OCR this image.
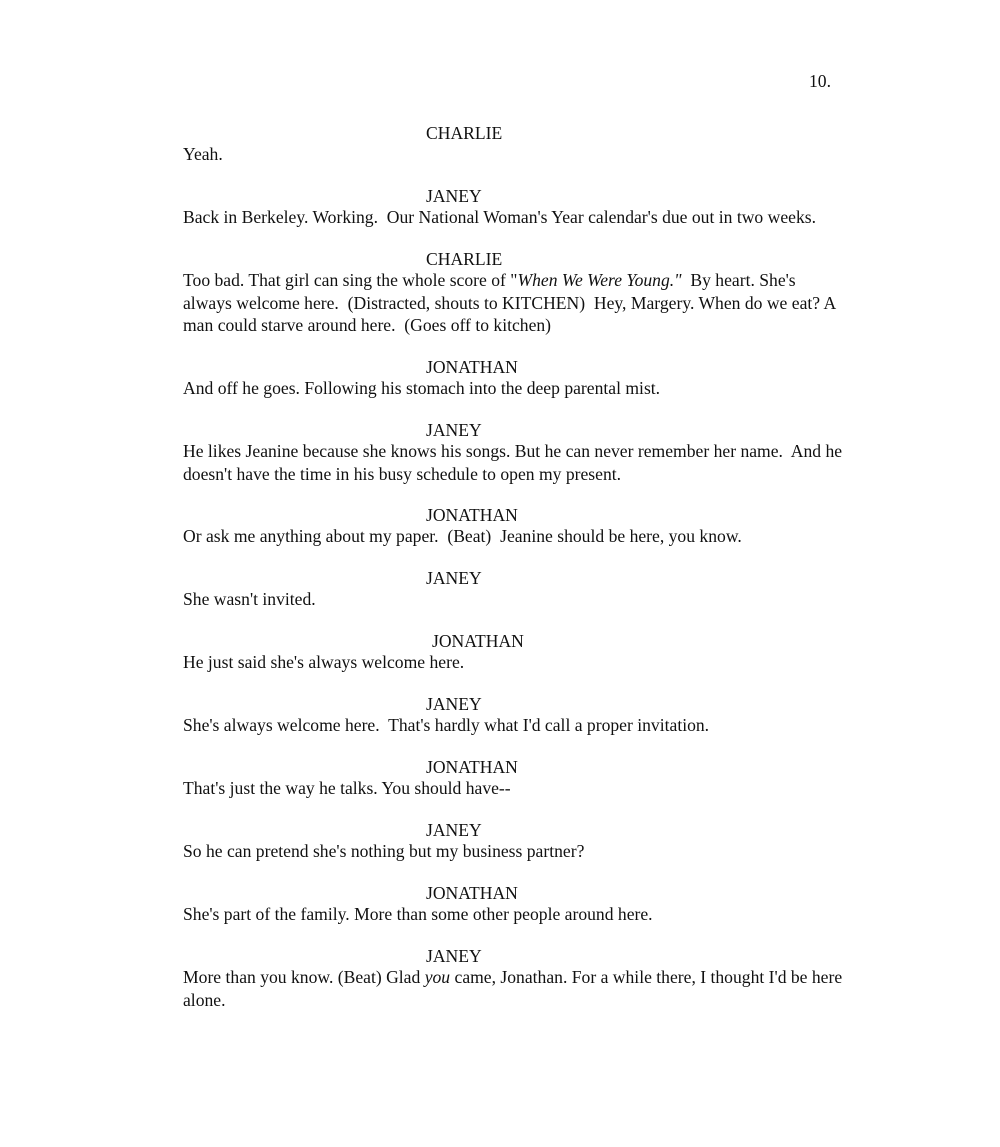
10.
CHARLIE
Yeah.
JANEY
Back in Berkeley. Working.  Our National Woman's Year calendar's due out in two weeks.
CHARLIE
Too bad. That girl can sing the whole score of "When We Were Young."  By heart. She's always welcome here.  (Distracted, shouts to KITCHEN)  Hey, Margery. When do we eat? A man could starve around here.  (Goes off to kitchen)
JONATHAN
And off he goes. Following his stomach into the deep parental mist.
JANEY
He likes Jeanine because she knows his songs. But he can never remember her name.  And he doesn't have the time in his busy schedule to open my present.
JONATHAN
Or ask me anything about my paper.  (Beat)  Jeanine should be here, you know.
JANEY
She wasn't invited.
JONATHAN
He just said she's always welcome here.
JANEY
She's always welcome here.  That's hardly what I'd call a proper invitation.
JONATHAN
That's just the way he talks. You should have--
JANEY
So he can pretend she's nothing but my business partner?
JONATHAN
She's part of the family. More than some other people around here.
JANEY
More than you know. (Beat) Glad you came, Jonathan. For a while there, I thought I'd be here alone.
